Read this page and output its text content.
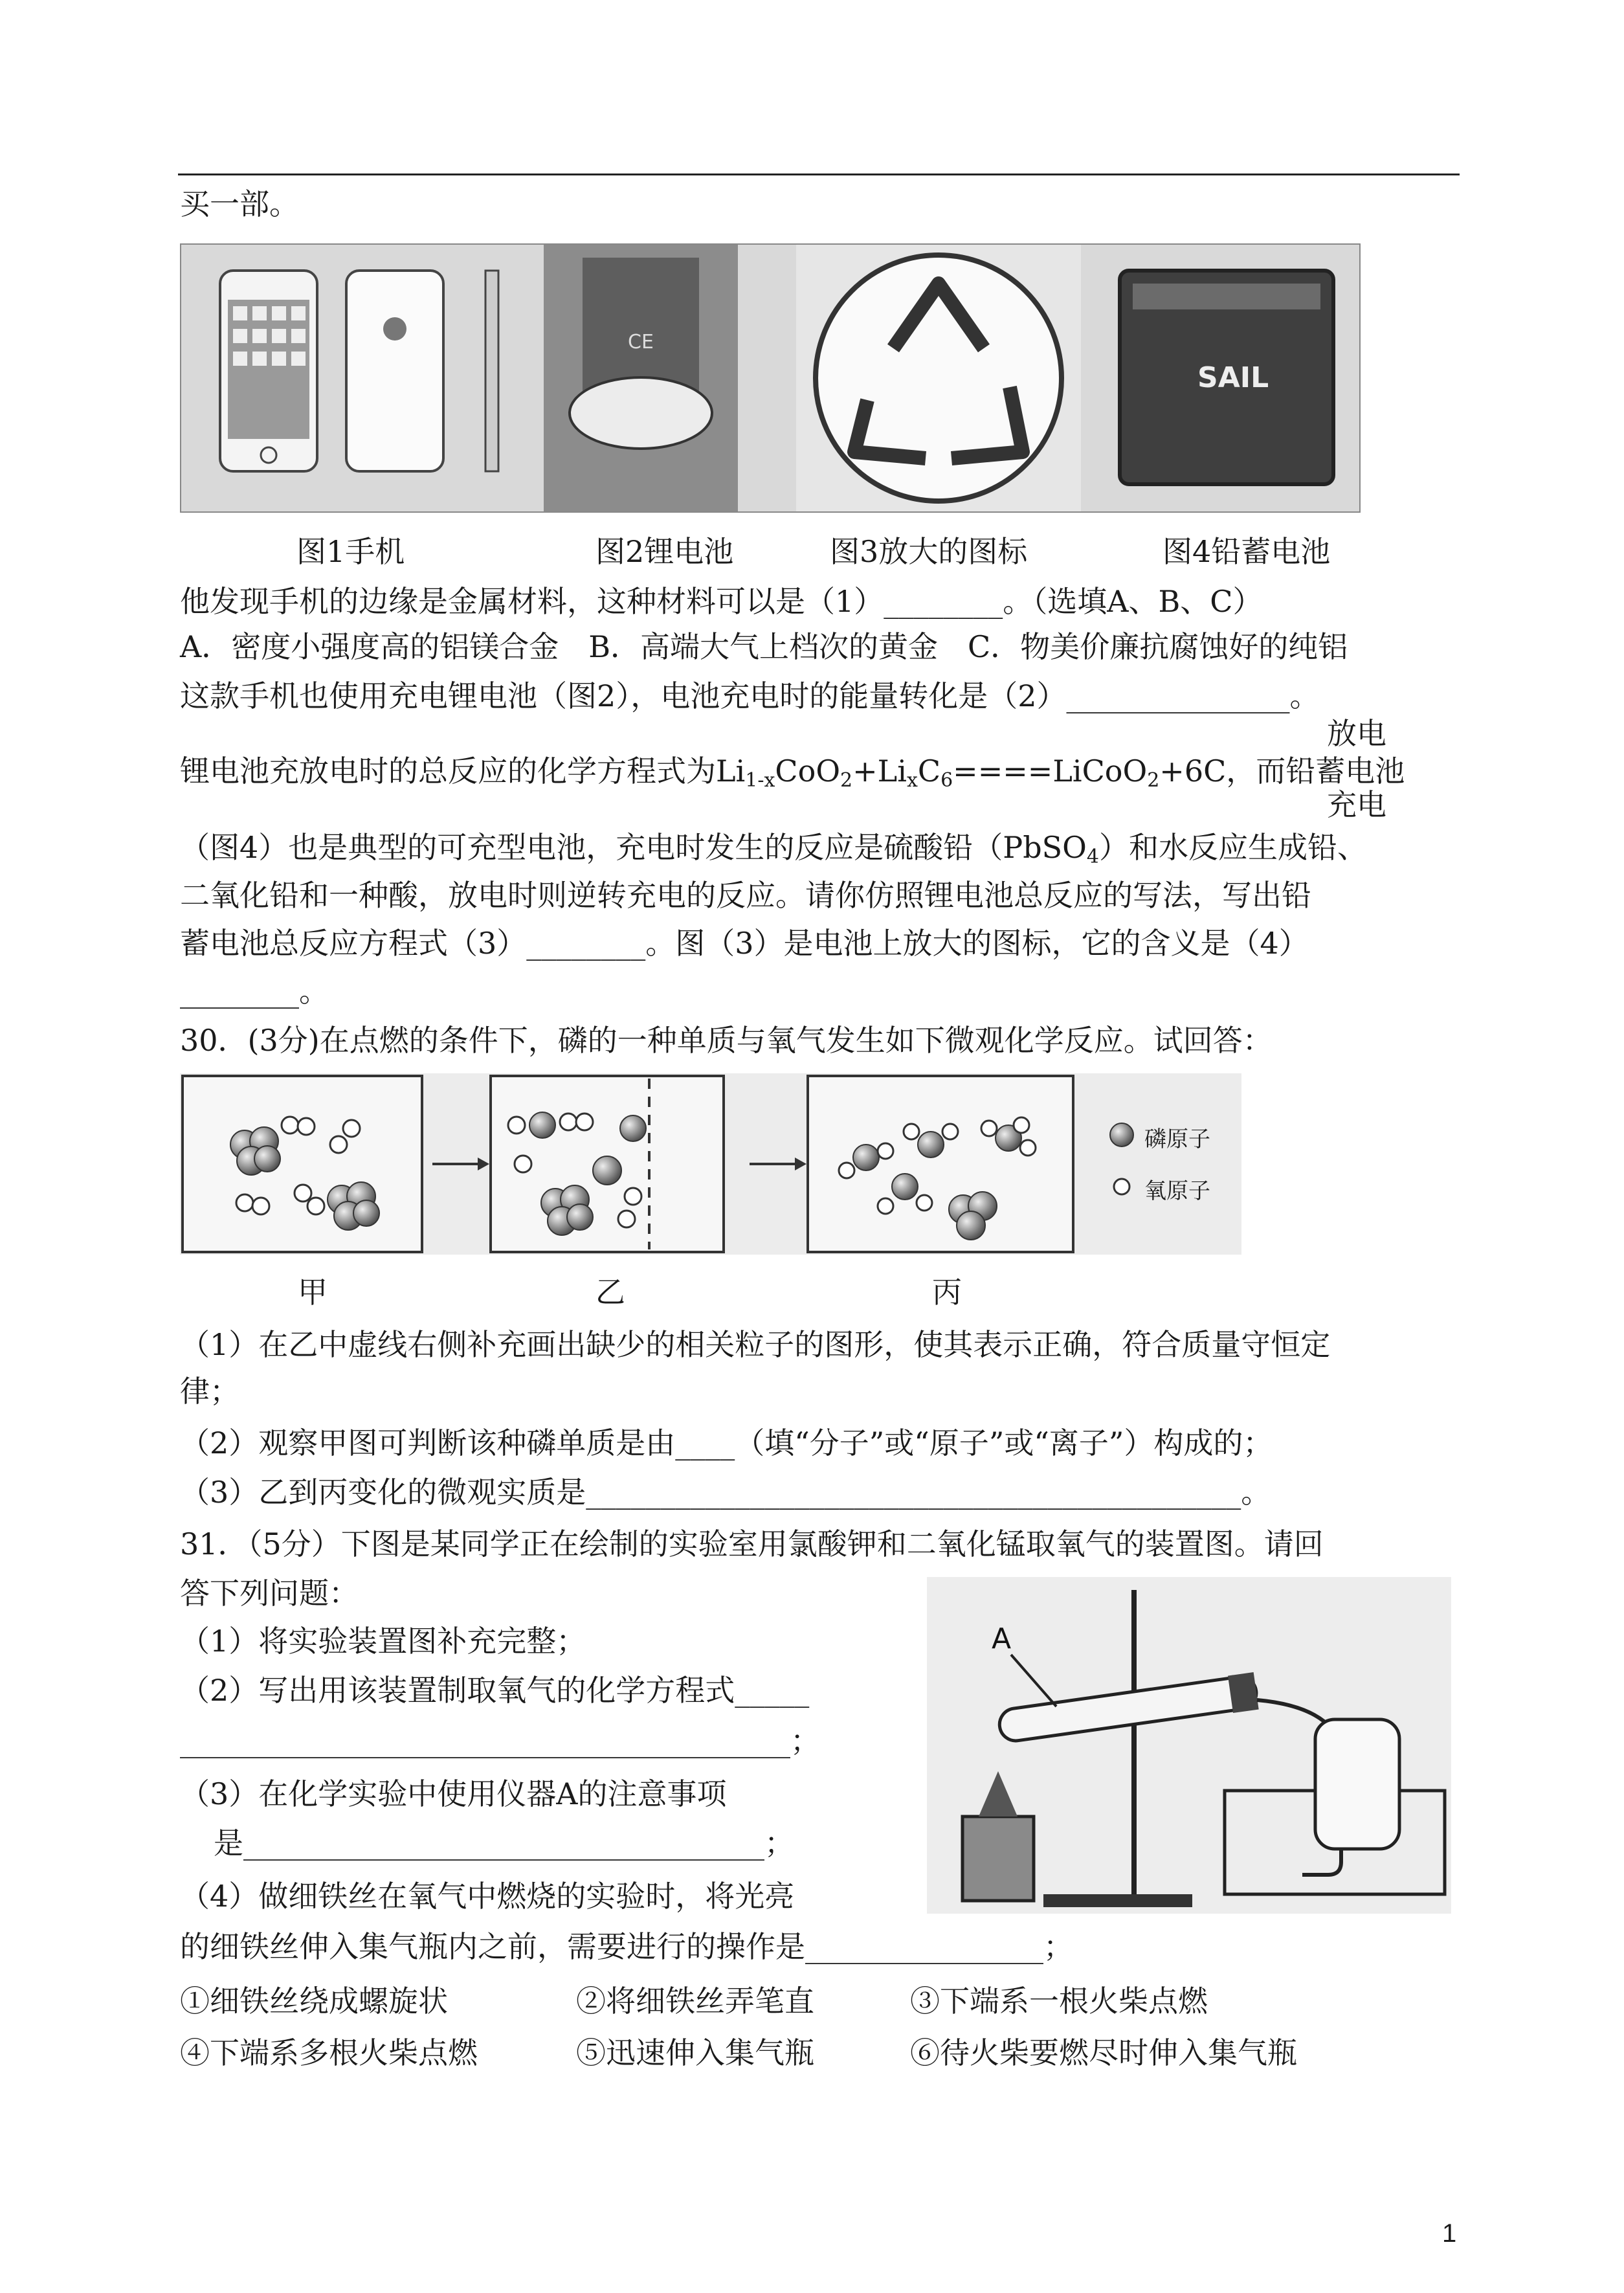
买一部。
CE
SAIL
图1手机	图2锂电池	图3放大的图标	图4铅蓄电池
他发现手机的边缘是金属材料，这种材料可以是（1）________。（选填A、B、C）
A．密度小强度高的铝镁合金　B．高端大气上档次的黄金　C．物美价廉抗腐蚀好的纯铝
这款手机也使用充电锂电池（图2），电池充电时的能量转化是（2）_______________。
放电
锂电池充放电时的总反应的化学方程式为$Li_{1-x}CoO_2+Li_xC_6====LiCoO_2+6C$，而铅蓄电池
充电
（图4）也是典型的可充型电池，充电时发生的反应是硫酸铅（PbSO$_4$）和水反应生成铅、
二氧化铅和一种酸，放电时则逆转充电的反应。请你仿照锂电池总反应的写法，写出铅
蓄电池总反应方程式（3）________。图（3）是电池上放大的图标，它的含义是（4）
________。
30．(3分)在点燃的条件下，磷的一种单质与氧气发生如下微观化学反应。试回答：
磷原子
氧原子
甲	乙	丙
（1）在乙中虚线右侧补充画出缺少的相关粒子的图形，使其表示正确，符合质量守恒定
律；
（2）观察甲图可判断该种磷单质是由____（填“分子”或“原子”或“离子”）构成的；
（3）乙到丙变化的微观实质是____________________________________________。
31．（5分）下图是某同学正在绘制的实验室用氯酸钾和二氧化锰取氧气的装置图。请回
答下列问题：
（1）将实验装置图补充完整；
（2）写出用该装置制取氧气的化学方程式_____
_________________________________________；
（3）在化学实验中使用仪器A的注意事项
是___________________________________；
（4）做细铁丝在氧气中燃烧的实验时，将光亮
的细铁丝伸入集气瓶内之前，需要进行的操作是________________；
A
①细铁丝绕成螺旋状	②将细铁丝弄笔直	③下端系一根火柴点燃
④下端系多根火柴点燃	⑤迅速伸入集气瓶	⑥待火柴要燃尽时伸入集气瓶
1
